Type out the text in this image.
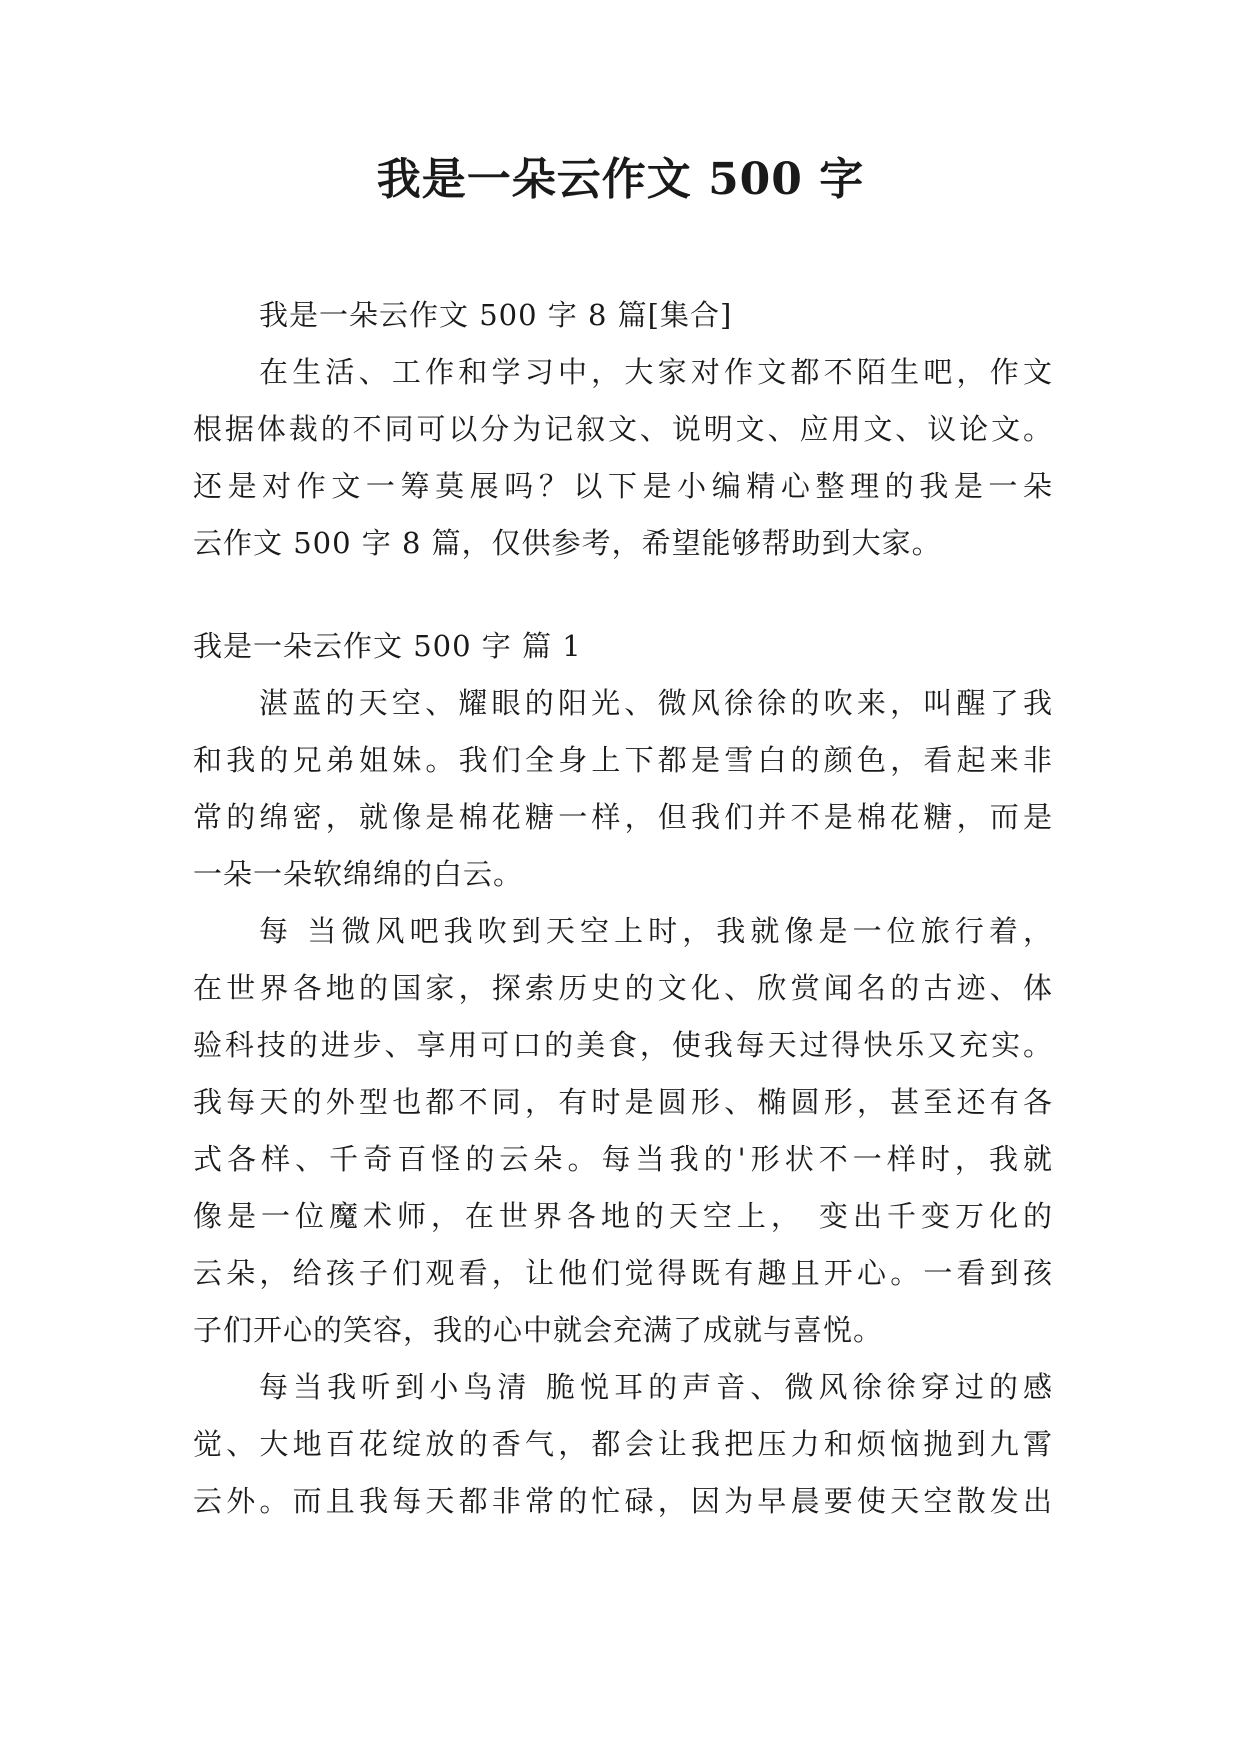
我是一朵云作文 500 字
我是一朵云作文 500 字 8 篇[集合]
在生活、工作和学习中，大家对作文都不陌生吧，作文
根据体裁的不同可以分为记叙文、说明文、应用文、议论文。
还是对作文一筹莫展吗？以下是小编精心整理的我是一朵
云作文 500 字 8 篇，仅供参考，希望能够帮助到大家。
我是一朵云作文 500 字 篇 1
湛蓝的天空、耀眼的阳光、微风徐徐的吹来，叫醒了我
和我的兄弟姐妹。我们全身上下都是雪白的颜色，看起来非
常的绵密，就像是棉花糖一样，但我们并不是棉花糖，而是
一朵一朵软绵绵的白云。
每 当微风吧我吹到天空上时，我就像是一位旅行着，
在世界各地的国家，探索历史的文化、欣赏闻名的古迹、体
验科技的进步、享用可口的美食，使我每天过得快乐又充实。
我每天的外型也都不同，有时是圆形、椭圆形，甚至还有各
式各样、千奇百怪的云朵。每当我的'形状不一样时，我就
像是一位魔术师，在世界各地的天空上， 变出千变万化的
云朵，给孩子们观看，让他们觉得既有趣且开心。一看到孩
子们开心的笑容，我的心中就会充满了成就与喜悦。
每当我听到小鸟清 脆悦耳的声音、微风徐徐穿过的感
觉、大地百花绽放的香气，都会让我把压力和烦恼抛到九霄
云外。而且我每天都非常的忙碌，因为早晨要使天空散发出
